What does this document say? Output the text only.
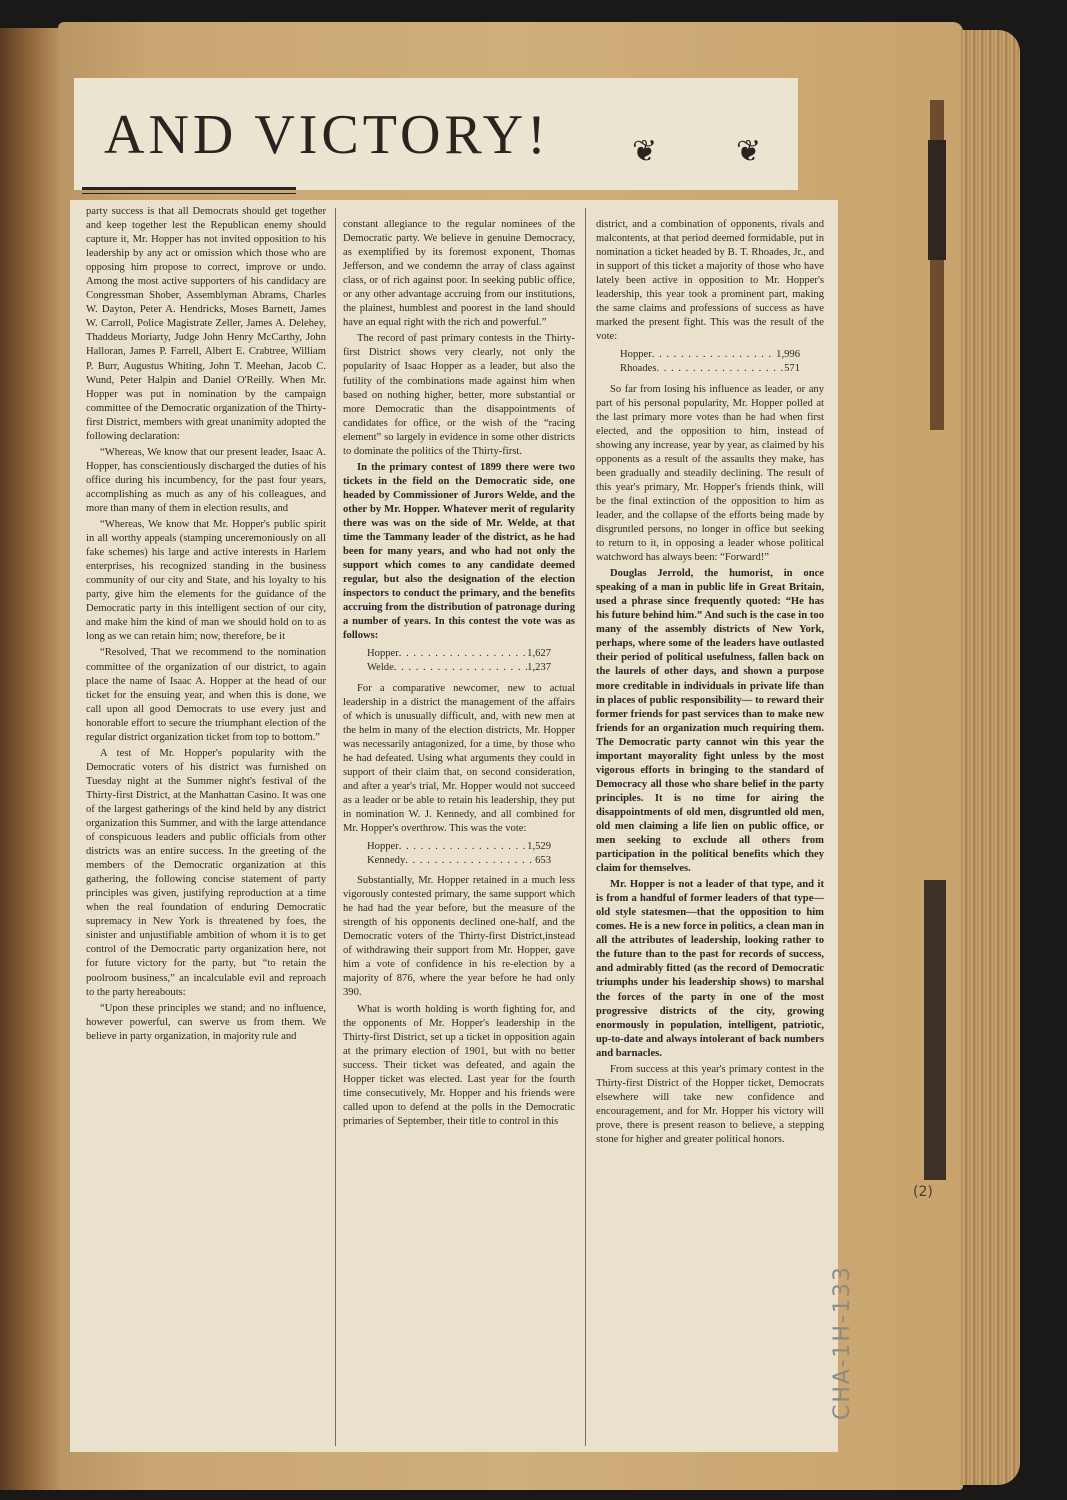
AND VICTORY!	❦	❦

party success is that all Democrats should get together and keep together lest the Republican enemy should capture it, Mr. Hopper has not invited opposition to his leadership by any act or omission which those who are opposing him propose to correct, improve or undo. Among the most active supporters of his candidacy are Congressman Shober, Assemblyman Abrams, Charles W. Dayton, Peter A. Hendricks, Moses Barnett, James W. Carroll, Police Magistrate Zeller, James A. Delehey, Thaddeus Moriarty, Judge John Henry McCarthy, John Halloran, James P. Farrell, Albert E. Crabtree, William P. Burr, Augustus Whiting, John T. Meehan, Jacob C. Wund, Peter Halpin and Daniel O'Reilly. When Mr. Hopper was put in nomination by the campaign committee of the Democratic organization of the Thirty-first District, members with great unanimity adopted the following declaration:

“Whereas, We know that our present leader, Isaac A. Hopper, has conscientiously discharged the duties of his office during his incumbency, for the past four years, accomplishing as much as any of his colleagues, and more than many of them in election results, and

“Whereas, We know that Mr. Hopper's public spirit in all worthy appeals (stamping unceremoniously on all fake schemes) his large and active interests in Harlem enterprises, his recognized standing in the business community of our city and State, and his loyalty to his party, give him the elements for the guidance of the Democratic party in this intelligent section of our city, and make him the kind of man we should hold on to as long as we can retain him; now, therefore, be it

“Resolved, That we recommend to the nomination committee of the organization of our district, to again place the name of Isaac A. Hopper at the head of our ticket for the ensuing year, and when this is done, we call upon all good Democrats to use every just and honorable effort to secure the triumphant election of the regular district organization ticket from top to bottom.”

A test of Mr. Hopper's popularity with the Democratic voters of his district was furnished on Tuesday night at the Summer night's festival of the Thirty-first District, at the Manhattan Casino. It was one of the largest gatherings of the kind held by any district organization this Summer, and with the large attendance of conspicuous leaders and public officials from other districts was an entire success. In the greeting of the members of the Democratic organization at this gathering, the following concise statement of party principles was given, justifying reproduction at a time when the real foundation of enduring Democratic supremacy in New York is threatened by foes, the sinister and unjustifiable ambition of whom it is to get control of the Democratic party organization here, not for future victory for the party, but “to retain the poolroom business,” an incalculable evil and reproach to the party hereabouts:

“Upon these principles we stand; and no influence, however powerful, can swerve us from them. We believe in party organization, in majority rule and

constant allegiance to the regular nominees of the Democratic party. We believe in genuine Democracy, as exemplified by its foremost exponent, Thomas Jefferson, and we condemn the array of class against class, or of rich against poor. In seeking public office, or any other advantage accruing from our institutions, the plainest, humblest and poorest in the land should have an equal right with the rich and powerful.”

The record of past primary contests in the Thirty-first District shows very clearly, not only the popularity of Isaac Hopper as a leader, but also the futility of the combinations made against him when based on nothing higher, better, more substantial or more Democratic than the disappointments of candidates for office, or the wish of the “racing element” so largely in evidence in some other districts to dominate the politics of the Thirty-first.

In the primary contest of 1899 there were two tickets in the field on the Democratic side, one headed by Commissioner of Jurors Welde, and the other by Mr. Hopper. Whatever merit of regularity there was was on the side of Mr. Welde, at that time the Tammany leader of the district, as he had been for many years, and who had not only the support which comes to any candidate deemed regular, but also the designation of the election inspectors to conduct the primary, and the benefits accruing from the distribution of patronage during a number of years. In this contest the vote was as follows:

Hopper . . .	1,627
Welde . . .	1,237

For a comparative newcomer, new to actual leadership in a district the management of the affairs of which is unusually difficult, and, with new men at the helm in many of the election districts, Mr. Hopper was necessarily antagonized, for a time, by those who he had defeated. Using what arguments they could in support of their claim that, on second consideration, and after a year's trial, Mr. Hopper would not succeed as a leader or be able to retain his leadership, they put in nomination W. J. Kennedy, and all combined for Mr. Hopper's overthrow. This was the vote:

Hopper . . .	1,529
Kennedy . . .	653

Substantially, Mr. Hopper retained in a much less vigorously contested primary, the same support which he had had the year before, but the measure of the strength of his opponents declined one-half, and the Democratic voters of the Thirty-first District,instead of withdrawing their support from Mr. Hopper, gave him a vote of confidence in his re-election by a majority of 876, where the year before he had only 390.

What is worth holding is worth fighting for, and the opponents of Mr. Hopper's leadership in the Thirty-first District, set up a ticket in opposition again at the primary election of 1901, but with no better success. Their ticket was defeated, and again the Hopper ticket was elected. Last year for the fourth time consecutively, Mr. Hopper and his friends were called upon to defend at the polls in the Democratic primaries of September, their title to control in this

district, and a combination of opponents, rivals and malcontents, at that period deemed formidable, put in nomination a ticket headed by B. T. Rhoades, Jr., and in support of this ticket a majority of those who have lately been active in opposition to Mr. Hopper's leadership, this year took a prominent part, making the same claims and professions of success as have marked the present fight. This was the result of the vote:

Hopper . . .	1,996
Rhoades . . .	571

So far from losing his influence as leader, or any part of his personal popularity, Mr. Hopper polled at the last primary more votes than he had when first elected, and the opposition to him, instead of showing any increase, year by year, as claimed by his opponents as a result of the assaults they make, has been gradually and steadily declining. The result of this year's primary, Mr. Hopper's friends think, will be the final extinction of the opposition to him as leader, and the collapse of the efforts being made by disgruntled persons, no longer in office but seeking to return to it, in opposing a leader whose political watchword has always been: “Forward!”

Douglas Jerrold, the humorist, in once speaking of a man in public life in Great Britain, used a phrase since frequently quoted: “He has his future behind him.” And such is the case in too many of the assembly districts of New York, perhaps, where some of the leaders have outlasted their period of political usefulness, fallen back on the laurels of other days, and shown a purpose more creditable in individuals in private life than in places of public responsibility— to reward their former friends for past services than to make new friends for an organization much requiring them. The Democratic party cannot win this year the important mayorality fight unless by the most vigorous efforts in bringing to the standard of Democracy all those who share belief in the party principles. It is no time for airing the disappointments of old men, disgruntled old men, old men claiming a life lien on public office, or men seeking to exclude all others from participation in the political benefits which they claim for themselves.

Mr. Hopper is not a leader of that type, and it is from a handful of former leaders of that type—old style statesmen—that the opposition to him comes. He is a new force in politics, a clean man in all the attributes of leadership, looking rather to the future than to the past for records of success, and admirably fitted (as the record of Democratic triumphs under his leadership shows) to marshal the forces of the party in one of the most progressive districts of the city, growing enormously in population, intelligent, patriotic, up-to-date and always intolerant of back numbers and barnacles.

From success at this year's primary contest in the Thirty-first District of the Hopper ticket, Democrats elsewhere will take new confidence and encouragement, and for Mr. Hopper his victory will prove, there is present reason to believe, a stepping stone for higher and greater political honors.

(2)
CHA-1H-133
